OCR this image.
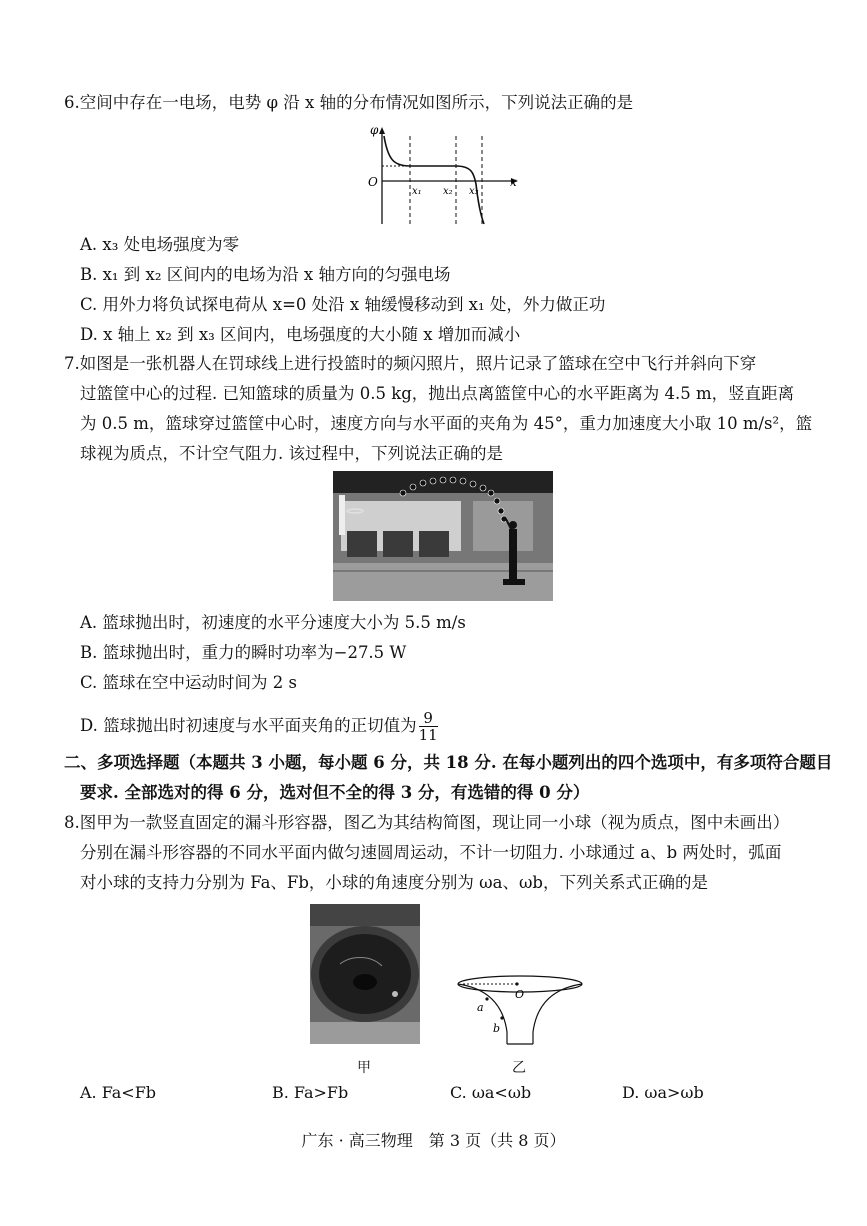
6.空间中存在一电场，电势 φ 沿 x 轴的分布情况如图所示，下列说法正确的是
φ
O
x₁ x₂ x₃
x
A. x₃ 处电场强度为零
B. x₁ 到 x₂ 区间内的电场为沿 x 轴方向的匀强电场
C. 用外力将负试探电荷从 x=0 处沿 x 轴缓慢移动到 x₁ 处，外力做正功
D. x 轴上 x₂ 到 x₃ 区间内，电场强度的大小随 x 增加而减小
7.如图是一张机器人在罚球线上进行投篮时的频闪照片，照片记录了篮球在空中飞行并斜向下穿
过篮筐中心的过程. 已知篮球的质量为 0.5 kg，抛出点离篮筐中心的水平距离为 4.5 m，竖直距离
为 0.5 m，篮球穿过篮筐中心时，速度方向与水平面的夹角为 45°，重力加速度大小取 10 m/s²，篮
球视为质点，不计空气阻力. 该过程中，下列说法正确的是
A. 篮球抛出时，初速度的水平分速度大小为 5.5 m/s
B. 篮球抛出时，重力的瞬时功率为−27.5 W
C. 篮球在空中运动时间为 2 s
D. 篮球抛出时初速度与水平面夹角的正切值为 $\frac{9}{11}$
二、多项选择题（本题共 3 小题，每小题 6 分，共 18 分. 在每小题列出的四个选项中，有多项符合题目
要求. 全部选对的得 6 分，选对但不全的得 3 分，有选错的得 0 分）
8.图甲为一款竖直固定的漏斗形容器，图乙为其结构简图，现让同一小球（视为质点，图中未画出）
分别在漏斗形容器的不同水平面内做匀速圆周运动，不计一切阻力. 小球通过 a、b 两处时，弧面
对小球的支持力分别为 Fa、Fb，小球的角速度分别为 ωa、ωb，下列关系式正确的是
甲
a
b
O
乙
A. Fa<Fb	B. Fa>Fb	C. ωa<ωb	D. ωa>ωb
广东 · 高三物理　第 3 页（共 8 页）
